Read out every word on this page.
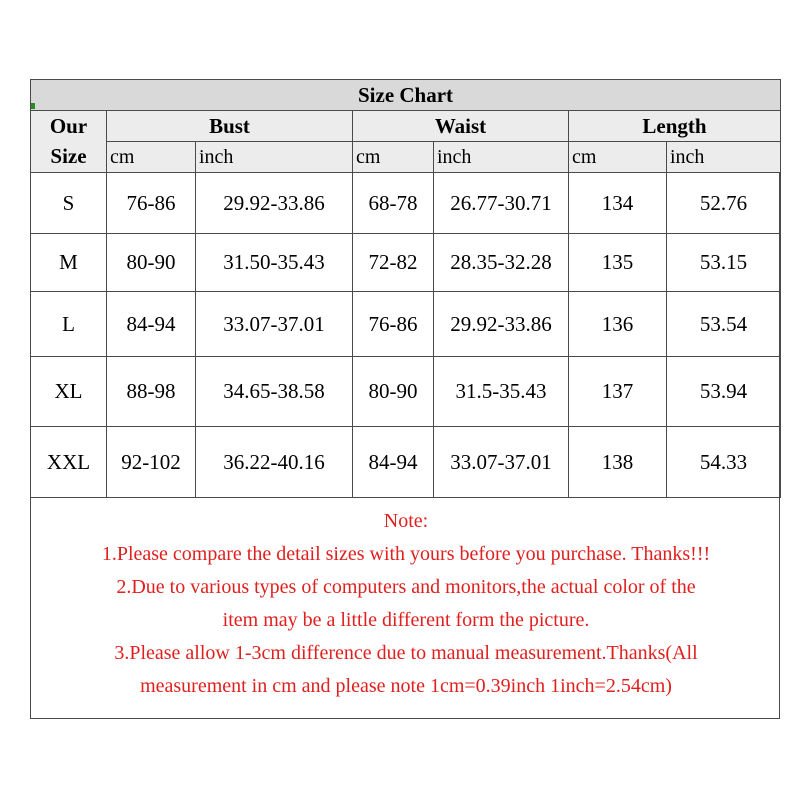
Size Chart						
Our	Bust		Waist		Length	
Size	cm	inch	cm	inch	cm	inch
S	76-86	29.92-33.86	68-78	26.77-30.71	134	52.76
M	80-90	31.50-35.43	72-82	28.35-32.28	135	53.15
L	84-94	33.07-37.01	76-86	29.92-33.86	136	53.54
XL	88-98	34.65-38.58	80-90	31.5-35.43	137	53.94
XXL	92-102	36.22-40.16	84-94	33.07-37.01	138	54.33
Note:
1.Please compare the detail sizes with yours before you purchase. Thanks!!!
2.Due to various types of computers and monitors,the actual color of the
item may be a little different form the picture.
3.Please allow 1-3cm difference due to manual measurement.Thanks(All
measurement in cm and please note 1cm=0.39inch 1inch=2.54cm)
